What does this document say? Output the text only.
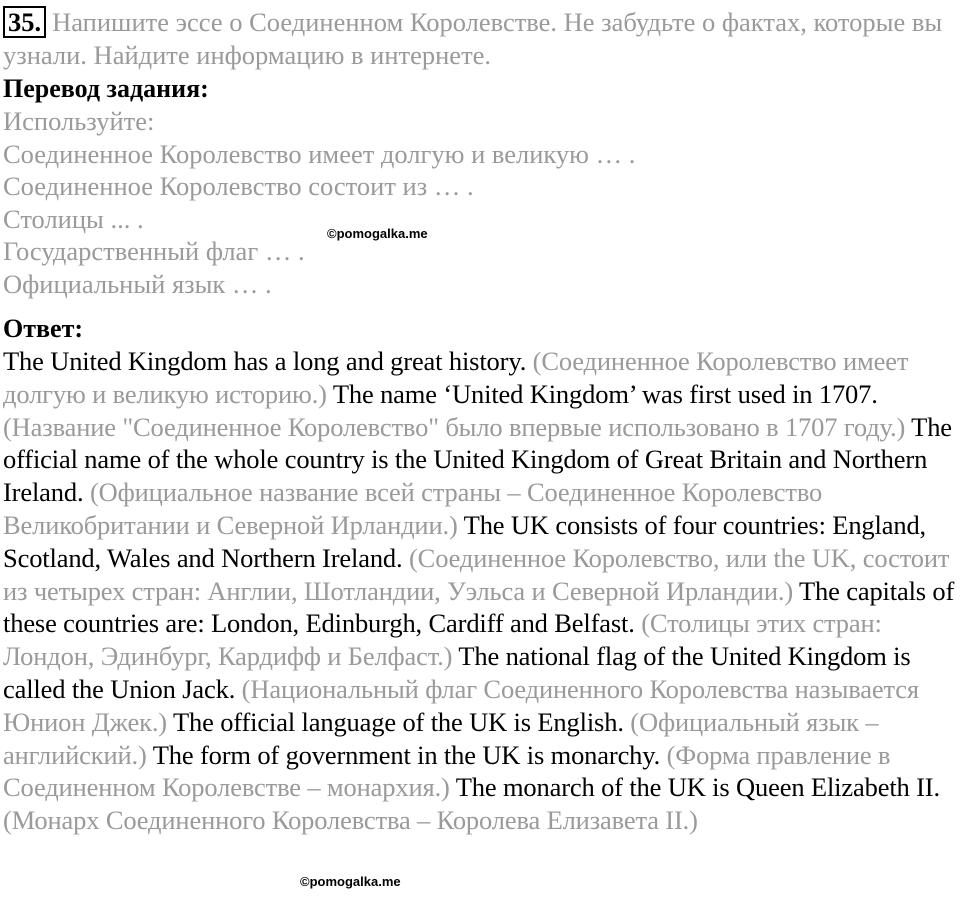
35. Напишите эссе о Соединенном Королевстве. Не забудьте о фактах, которые вы узнали. Найдите информацию в интернете.
Перевод задания:
Используйте:
Соединенное Королевство имеет долгую и великую … .
Соединенное Королевство состоит из … .
Столицы ... .
Государственный флаг … .
Официальный язык … .
©pomogalka.me
Ответ:
The United Kingdom has a long and great history. (Соединенное Королевство имеет долгую и великую историю.) The name ‘United Kingdom’ was first used in 1707. (Название "Соединенное Королевство" было впервые использовано в 1707 году.) The official name of the whole country is the United Kingdom of Great Britain and Northern Ireland. (Официальное название всей страны – Соединенное Королевство Великобритании и Северной Ирландии.) The UK consists of four countries: England, Scotland, Wales and Northern Ireland. (Соединенное Королевство, или the UK, состоит из четырех стран: Англии, Шотландии, Уэльса и Северной Ирландии.) The capitals of these countries are: London, Edinburgh, Cardiff and Belfast. (Столицы этих стран: Лондон, Эдинбург, Кардифф и Белфаст.) The national flag of the United Kingdom is called the Union Jack. (Национальный флаг Соединенного Королевства называется Юнион Джек.) The official language of the UK is English. (Официальный язык – английский.) The form of government in the UK is monarchy. (Форма правление в Соединенном Королевстве – монархия.) The monarch of the UK is Queen Elizabeth II. (Монарх Соединенного Королевства – Королева Елизавета II.)
©pomogalka.me
